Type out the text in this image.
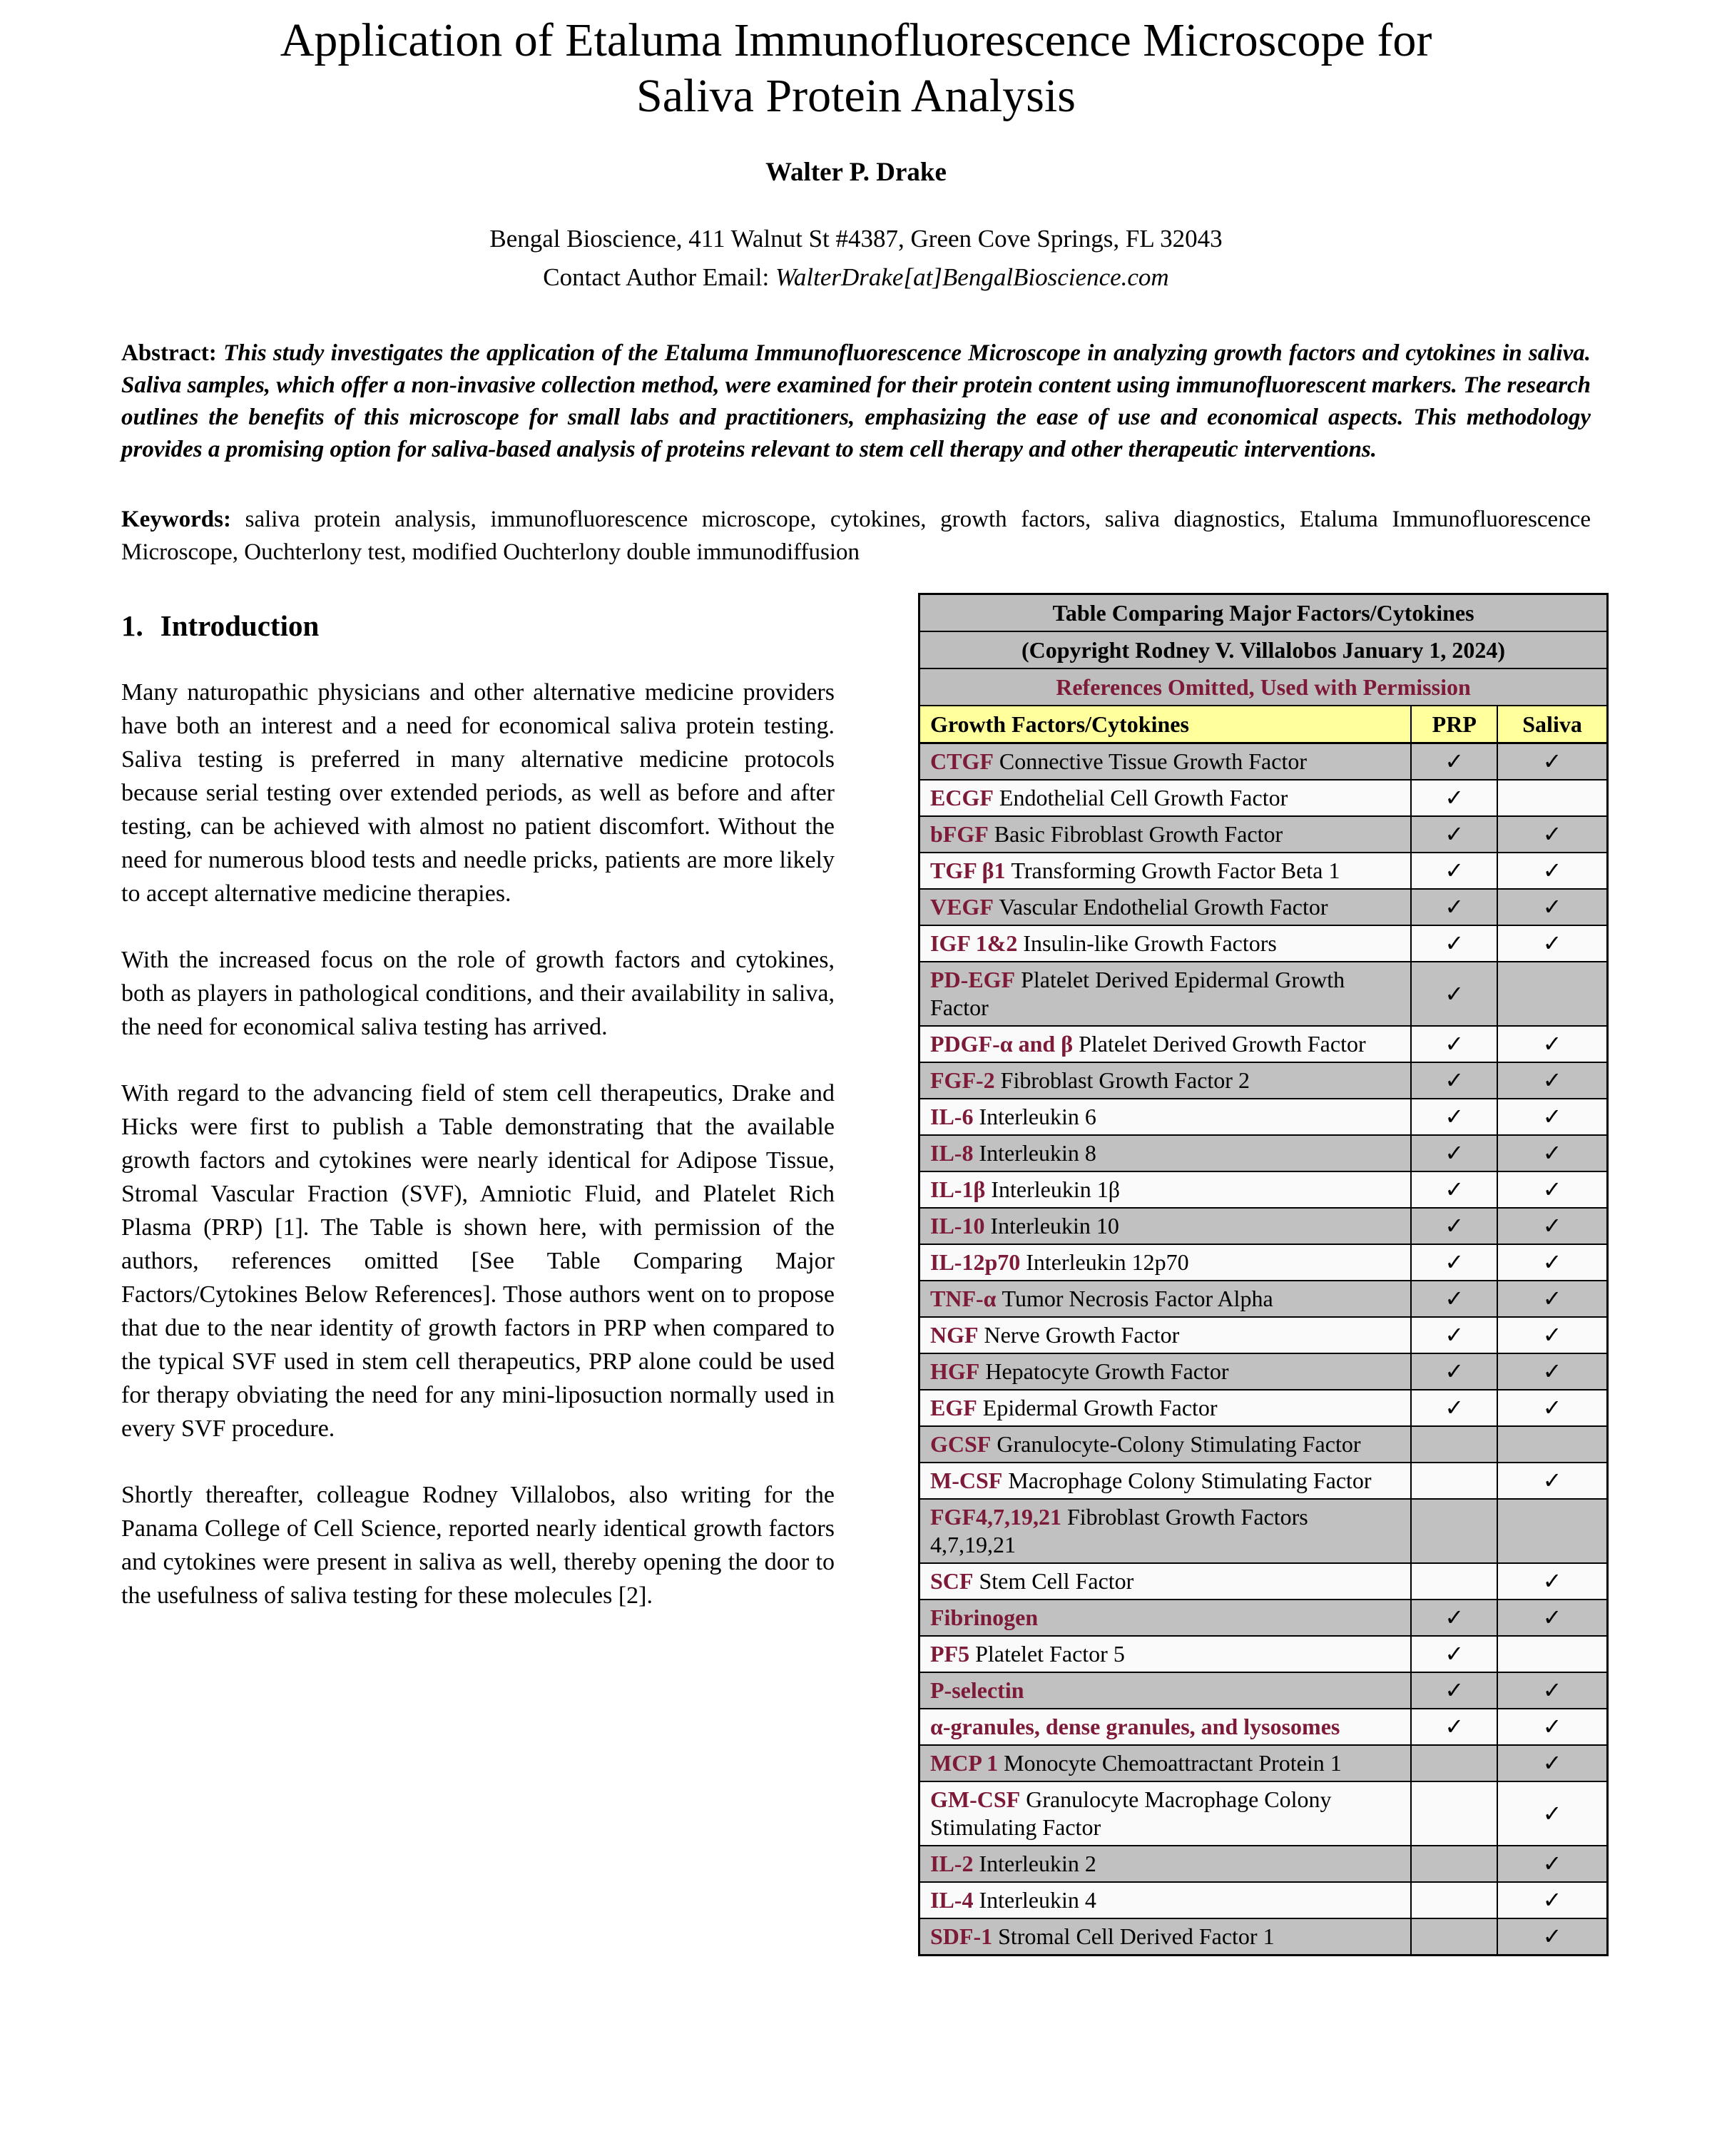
Application of Etaluma Immunofluorescence Microscope for Saliva Protein Analysis
Walter P. Drake
Bengal Bioscience, 411 Walnut St #4387, Green Cove Springs, FL 32043
Contact Author Email: WalterDrake[at]BengalBioscience.com

Abstract: This study investigates the application of the Etaluma Immunofluorescence Microscope in analyzing growth factors and cytokines in saliva. Saliva samples, which offer a non-invasive collection method, were examined for their protein content using immunofluorescent markers. The research outlines the benefits of this microscope for small labs and practitioners, emphasizing the ease of use and economical aspects. This methodology provides a promising option for saliva-based analysis of proteins relevant to stem cell therapy and other therapeutic interventions.

Keywords: saliva protein analysis, immunofluorescence microscope, cytokines, growth factors, saliva diagnostics, Etaluma Immunofluorescence Microscope, Ouchterlony test, modified Ouchterlony double immunodiffusion

1. Introduction

Many naturopathic physicians and other alternative medicine providers have both an interest and a need for economical saliva protein testing. Saliva testing is preferred in many alternative medicine protocols because serial testing over extended periods, as well as before and after testing, can be achieved with almost no patient discomfort. Without the need for numerous blood tests and needle pricks, patients are more likely to accept alternative medicine therapies.

With the increased focus on the role of growth factors and cytokines, both as players in pathological conditions, and their availability in saliva, the need for economical saliva testing has arrived.

With regard to the advancing field of stem cell therapeutics, Drake and Hicks were first to publish a Table demonstrating that the available growth factors and cytokines were nearly identical for Adipose Tissue, Stromal Vascular Fraction (SVF), Amniotic Fluid, and Platelet Rich Plasma (PRP) [1]. The Table is shown here, with permission of the authors, references omitted [See Table Comparing Major Factors/Cytokines Below References]. Those authors went on to propose that due to the near identity of growth factors in PRP when compared to the typical SVF used in stem cell therapeutics, PRP alone could be used for therapy obviating the need for any mini-liposuction normally used in every SVF procedure.

Shortly thereafter, colleague Rodney Villalobos, also writing for the Panama College of Cell Science, reported nearly identical growth factors and cytokines were present in saliva as well, thereby opening the door to the usefulness of saliva testing for these molecules [2].

Table Comparing Major Factors/Cytokines		
(Copyright Rodney V. Villalobos January 1, 2024)		
References Omitted, Used with Permission		
Growth Factors/Cytokines	PRP	Saliva
CTGF Connective Tissue Growth Factor	✓	✓
ECGF Endothelial Cell Growth Factor	✓	
bFGF Basic Fibroblast Growth Factor	✓	✓
TGF β1 Transforming Growth Factor Beta 1	✓	✓
VEGF Vascular Endothelial Growth Factor	✓	✓
IGF 1&2 Insulin-like Growth Factors	✓	✓
PD-EGF Platelet Derived Epidermal Growth Factor	✓	
PDGF-α and β Platelet Derived Growth Factor	✓	✓
FGF-2 Fibroblast Growth Factor 2	✓	✓
IL-6 Interleukin 6	✓	✓
IL-8 Interleukin 8	✓	✓
IL-1β Interleukin 1β	✓	✓
IL-10 Interleukin 10	✓	✓
IL-12p70 Interleukin 12p70	✓	✓
TNF-α Tumor Necrosis Factor Alpha	✓	✓
NGF Nerve Growth Factor	✓	✓
HGF Hepatocyte Growth Factor	✓	✓
EGF Epidermal Growth Factor	✓	✓
GCSF Granulocyte-Colony Stimulating Factor		
M-CSF Macrophage Colony Stimulating Factor		✓
FGF4,7,19,21 Fibroblast Growth Factors 4,7,19,21		
SCF Stem Cell Factor		✓
Fibrinogen	✓	✓
PF5 Platelet Factor 5	✓	
P-selectin	✓	✓
α-granules, dense granules, and lysosomes	✓	✓
MCP 1 Monocyte Chemoattractant Protein 1		✓
GM-CSF Granulocyte Macrophage Colony Stimulating Factor		✓
IL-2 Interleukin 2		✓
IL-4 Interleukin 4		✓
SDF-1 Stromal Cell Derived Factor 1		✓
